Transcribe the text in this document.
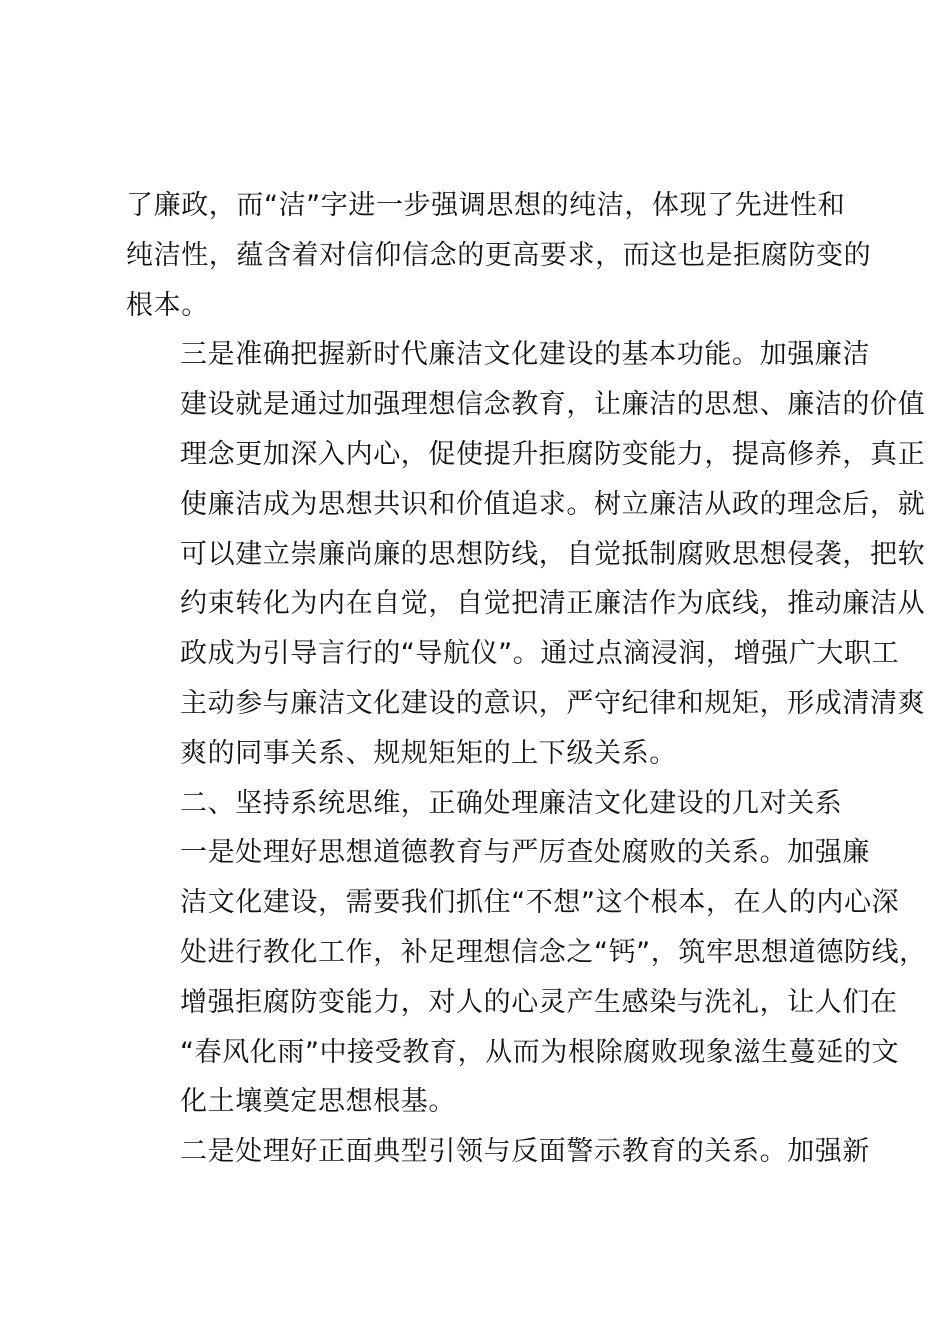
了廉政，而“洁”字进一步强调思想的纯洁，体现了先进性和
纯洁性，蕴含着对信仰信念的更高要求，而这也是拒腐防变的
根本。

三是准确把握新时代廉洁文化建设的基本功能。加强廉洁
建设就是通过加强理想信念教育，让廉洁的思想、廉洁的价值
理念更加深入内心，促使提升拒腐防变能力，提高修养，真正
使廉洁成为思想共识和价值追求。树立廉洁从政的理念后，就
可以建立崇廉尚廉的思想防线，自觉抵制腐败思想侵袭，把软
约束转化为内在自觉，自觉把清正廉洁作为底线，推动廉洁从
政成为引导言行的“导航仪”。通过点滴浸润，增强广大职工
主动参与廉洁文化建设的意识，严守纪律和规矩，形成清清爽
爽的同事关系、规规矩矩的上下级关系。

二、坚持系统思维，正确处理廉洁文化建设的几对关系

一是处理好思想道德教育与严厉查处腐败的关系。加强廉
洁文化建设，需要我们抓住“不想”这个根本，在人的内心深
处进行教化工作，补足理想信念之“钙”，筑牢思想道德防线，
增强拒腐防变能力，对人的心灵产生感染与洗礼，让人们在
“春风化雨”中接受教育，从而为根除腐败现象滋生蔓延的文
化土壤奠定思想根基。

二是处理好正面典型引领与反面警示教育的关系。加强新
